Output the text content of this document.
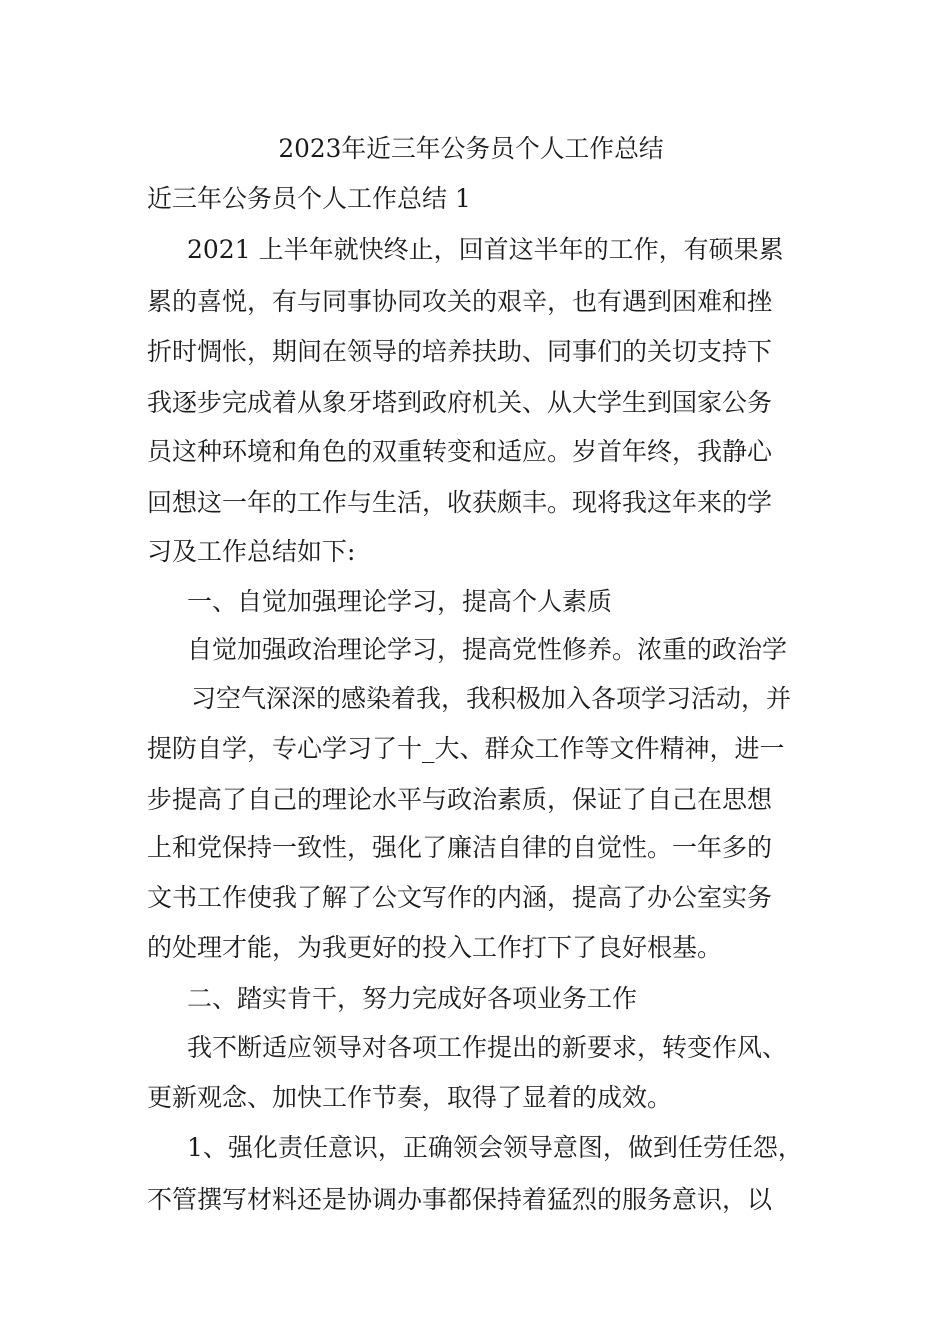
2023年近三年公务员个人工作总结
近三年公务员个人工作总结 1
2021 上半年就快终止，回首这半年的工作，有硕果累
累的喜悦，有与同事协同攻关的艰辛，也有遇到困难和挫
折时惆怅，期间在领导的培养扶助、同事们的关切支持下
我逐步完成着从象牙塔到政府机关、从大学生到国家公务
员这种环境和角色的双重转变和适应。岁首年终，我静心
回想这一年的工作与生活，收获颇丰。现将我这年来的学
习及工作总结如下:
一、自觉加强理论学习，提高个人素质
自觉加强政治理论学习，提高党性修养。浓重的政治学
习空气深深的感染着我，我积极加入各项学习活动，并
提防自学，专心学习了十_大、群众工作等文件精神，进一
步提高了自己的理论水平与政治素质，保证了自己在思想
上和党保持一致性，强化了廉洁自律的自觉性。一年多的
文书工作使我了解了公文写作的内涵，提高了办公室实务
的处理才能，为我更好的投入工作打下了良好根基。
二、踏实肯干，努力完成好各项业务工作
我不断适应领导对各项工作提出的新要求，转变作风、
更新观念、加快工作节奏，取得了显着的成效。
1、强化责任意识，正确领会领导意图，做到任劳任怨，
不管撰写材料还是协调办事都保持着猛烈的服务意识，以
